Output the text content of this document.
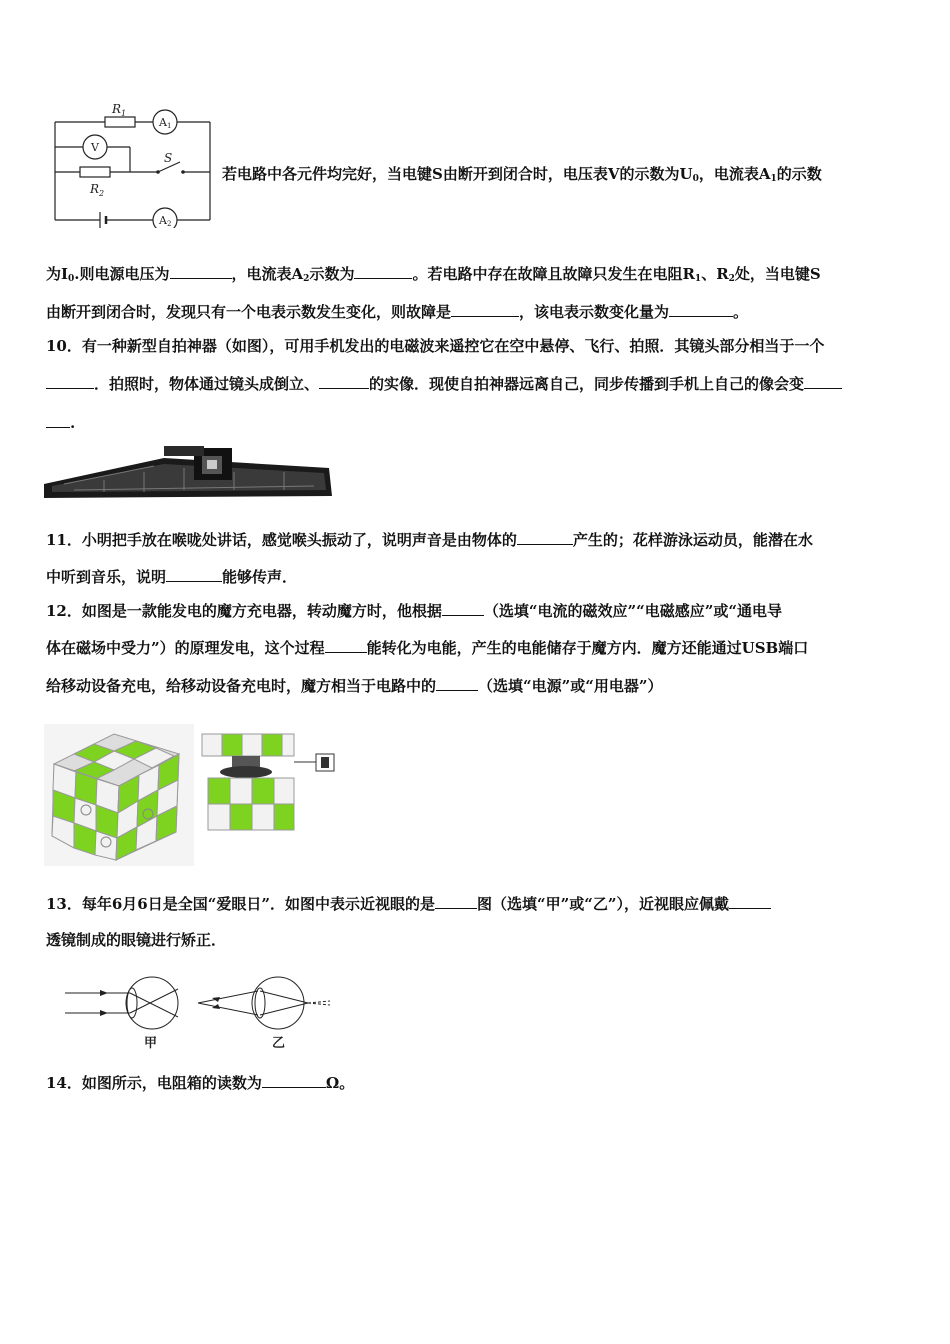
$R_1$
$R_2$
S
A1
V
A2
若电路中各元件均完好，当电键S由断开到闭合时，电压表V的示数为$U_0$，电流表$A_1$的示数
为$I_0$.则电源电压为	，电流表$A_2$示数为	。若电路中存在故障且故障只发生在电阻$R_1$、$R_2$处，当电键S
由断开到闭合时，发现只有一个电表示数发生变化，则故障是	，该电表示数变化量为	。
10．有一种新型自拍神器（如图），可用手机发出的电磁波来遥控它在空中悬停、飞行、拍照．其镜头部分相当于一个
．拍照时，物体通过镜头成倒立、	的实像．现使自拍神器远离自己，同步传播到手机上自己的像会变
.
11．小明把手放在喉咙处讲话，感觉喉头振动了，说明声音是由物体的	产生的；花样游泳运动员，能潜在水
中听到音乐，说明	能够传声．
12．如图是一款能发电的魔方充电器，转动魔方时，他根据	（选填“电流的磁效应”“电磁感应”或“通电导
体在磁场中受力”）的原理发电，这个过程	能转化为电能，产生的电能储存于魔方内．魔方还能通过USB端口
给移动设备充电，给移动设备充电时，魔方相当于电路中的	（选填“电源”或“用电器”）
13．每年6月6日是全国“爱眼日”．如图中表示近视眼的是	图（选填“甲”或“乙”），近视眼应佩戴
透镜制成的眼镜进行矫正．
甲	乙
14．如图所示，电阻箱的读数为	Ω。
